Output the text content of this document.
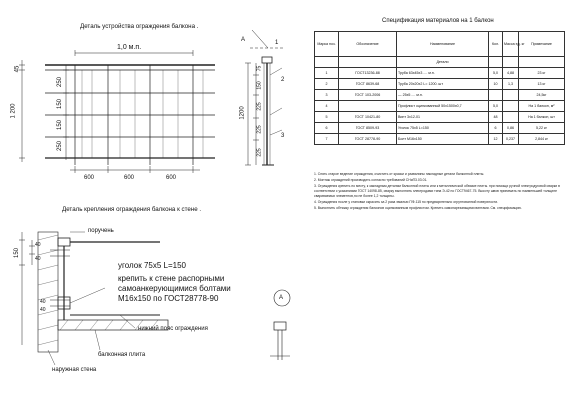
Деталь устройства ограждения балкона .
1,0 м.п.
600	600	600
45
1 200
250
150
150
250
A	1
2
3
1200
75
150
225
225
225
Деталь крепления ограждения балкона к стене .
150
40
40
40
40
поручень
уголок 75x5 L=150
крепить к стене распорными
самоанкерующимися болтами
М16x150 по ГОСТ28778-90
нижний пояс ограждения
балконная плита
наружная стена
A
Спецификация материалов на 1 балкон
Марка поз.	Обозначение	Наименование	Кол.	Масса ед. кг	Примечание
		Детали			
1	ГОСТ13236-88	Труба 63х45х3 .... м.п.	5,0	4,88	23 кг
2	ГОСТ 8639-68	Труба 20х20х2 L= 1200. шт	10	1,3	13 кг
3	ГОСТ 103-2006	— 25х5 .... м.п.			24,5кг
4		Профлист оцинкованный 50х1500х0,7	5,0		На 1 балкон, м²
5	ГОСТ 10421-80	Винт 3х12-01	48		На 1 балкон, шт
6	ГОСТ 8509-93	Уголок 75х5 L=150	6	0,86	5,22 кг
7	ГОСТ 28778-90	Болт М16х150	12	0,237	2,844 кг

1. Снять старое ведение ограждения, очистить от краски и развалины накладные детали балконной плиты.

2. Монтаж ограждений производить согласно требований СНиП3.03.01.

3. Ограждения крепить по месту, к закладным деталям балконной плиты или к металлической обвязке плиты. при помощи ручной электродуговой сварки в соответствии с указаниями ГОСТ 14098-85, сварку выполнять электродами типа Э-42 по ГОСТ9467-75. Высоту швов принимать по наименьшей толщине свариваемых элементов,но не более 1,2 толщины.

4. Ограждения после у становки окрасить за 2 раза эмалью ПФ-115 по предварительно огрунтованной поверхности.

5. Выполнить обтяжку ограждения балконов оцинкованным профлистом. Крепить самонарезающими винтами. См. спецификацию.
